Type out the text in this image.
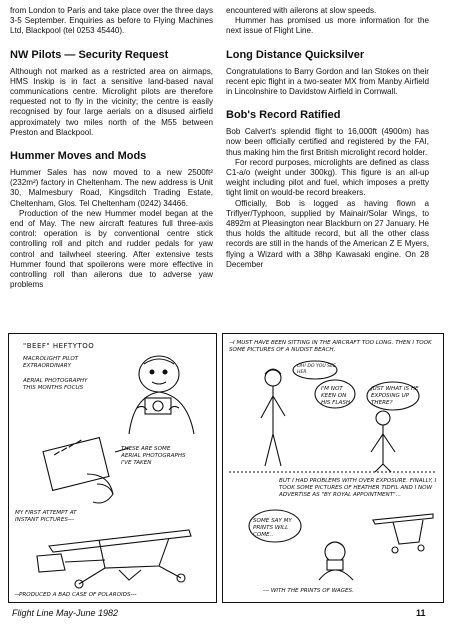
from London to Paris and take place over the three days 3-5 September. Enquiries as before to Flying Machines Ltd, Blackpool (tel 0253 45440).

NW Pilots — Security Request

Although not marked as a restricted area on airmaps, HMS Inskip is in fact a sensitive land-based naval communications centre. Microlight pilots are therefore requested not to fly in the vicinity; the centre is easily recognised by four large aerials on a disused airfield approximately two miles north of the M55 between Preston and Blackpool.

Hummer Moves and Mods

Hummer Sales has now moved to a new 2500ft² (232m²) factory in Cheltenham. The new address is Unit 30, Malmesbury Road, Kingsditch Trading Estate, Cheltenham, Glos. Tel Cheltenham (0242) 34466.

Production of the new Hummer model began at the end of May. The new aircraft features full three-axis control: operation is by conventional centre stick controlling roll and pitch and rudder pedals for yaw control and tailwheel steering. After extensive tests Hummer found that spoilerons were more effective in controlling roll than ailerons due to adverse yaw problems

encountered with ailerons at slow speeds.

Hummer has promised us more information for the next issue of Flight Line.

Long Distance Quicksilver

Congratulations to Barry Gordon and Ian Stokes on their recent epic flight in a two-seater MX from Manby Airfield in Lincolnshire to Davidstow Airfield in Cornwall.

Bob's Record Ratified

Bob Calvert's splendid flight to 16,000ft (4900m) has now been officially certified and registered by the FAI, thus making him the first British microlight record holder.

For record purposes, microlights are defined as class C1-a/o (weight under 300kg). This figure is an all-up weight including pilot and fuel, which imposes a pretty tight limit on would-be record breakers.

Officially, Bob is logged as having flown a Triflyer/Typhoon, supplied by Mainair/Solar Wings, to 4892m at Pleasington near Blackburn on 27 January. He thus holds the altitude record, but all the other class records are still in the hands of the American Z E Myers, flying a Wizard with a 38hp Kawasaki engine. On 28 December

"BEEF" HEFTYTOO
MACROLIGHT PILOT EXTRAORDINARY
AERIAL PHOTOGRAPHY THIS MONTHS FOCUS
THESE ARE SOME AERIAL PHOTOGRAPHS I'VE TAKEN
MY FIRST ATTEMPT AT INSTANT PICTURES---
--PRODUCED A BAD CASE OF POLAROIDS---
--I MUST HAVE BEEN SITTING IN THE AIRCRAFT TOO LONG. THEN I TOOK SOME PICTURES OF A NUDIST BEACH,
OH! DO YOU SEE HER
I'M NOT KEEN ON HIS FLASH
JUST WHAT IS HE EXPOSING UP THERE?
BUT I HAD PROBLEMS WITH OVER EXPOSURE. FINALLY, I TOOK SOME PICTURES OF HEATHER TIDFIL AND I NOW ADVERTISE AS "BY ROYAL APPOINTMENT"...
SOME SAY MY PRINTS WILL COME..
--- WITH THE PRINTS OF WAGES.
Flight Line May-June 1982	11
